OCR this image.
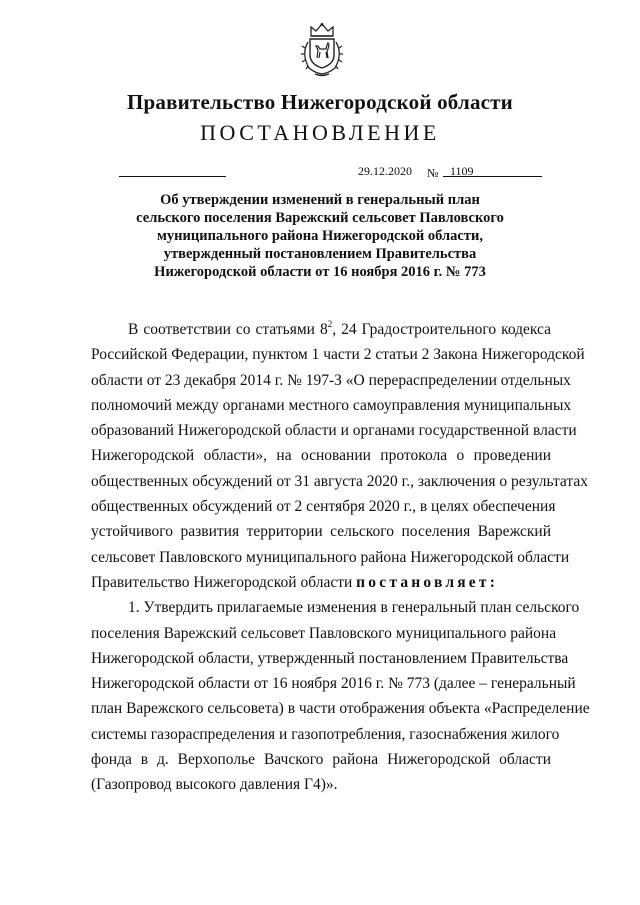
Правительство Нижегородской области
ПОСТАНОВЛЕНИЕ
29.12.2020 № 1109
Об утверждении изменений в генеральный план
сельского поселения Варежский сельсовет Павловского
муниципального района Нижегородской области,
утвержденный постановлением Правительства
Нижегородской области от 16 ноября 2016 г. № 773
В соответствии со статьями $8^2$, 24 Градостроительного кодекса
Российской Федерации, пунктом 1 части 2 статьи 2 Закона Нижегородской
области от 23 декабря 2014 г. № 197-З «О перераспределении отдельных
полномочий между органами местного самоуправления муниципальных
образований Нижегородской области и органами государственной власти
Нижегородской области», на основании протокола о проведении
общественных обсуждений от 31 августа 2020 г., заключения о результатах
общественных обсуждений от 2 сентября 2020 г., в целях обеспечения
устойчивого развития территории сельского поселения Варежский
сельсовет Павловского муниципального района Нижегородской области
Правительство Нижегородской области постановляет:
1. Утвердить прилагаемые изменения в генеральный план сельского
поселения Варежский сельсовет Павловского муниципального района
Нижегородской области, утвержденный постановлением Правительства
Нижегородской области от 16 ноября 2016 г. № 773 (далее – генеральный
план Варежского сельсовета) в части отображения объекта «Распределение
системы газораспределения и газопотребления, газоснабжения жилого
фонда в д. Верхополье Вачского района Нижегородской области
(Газопровод высокого давления Г4)».
